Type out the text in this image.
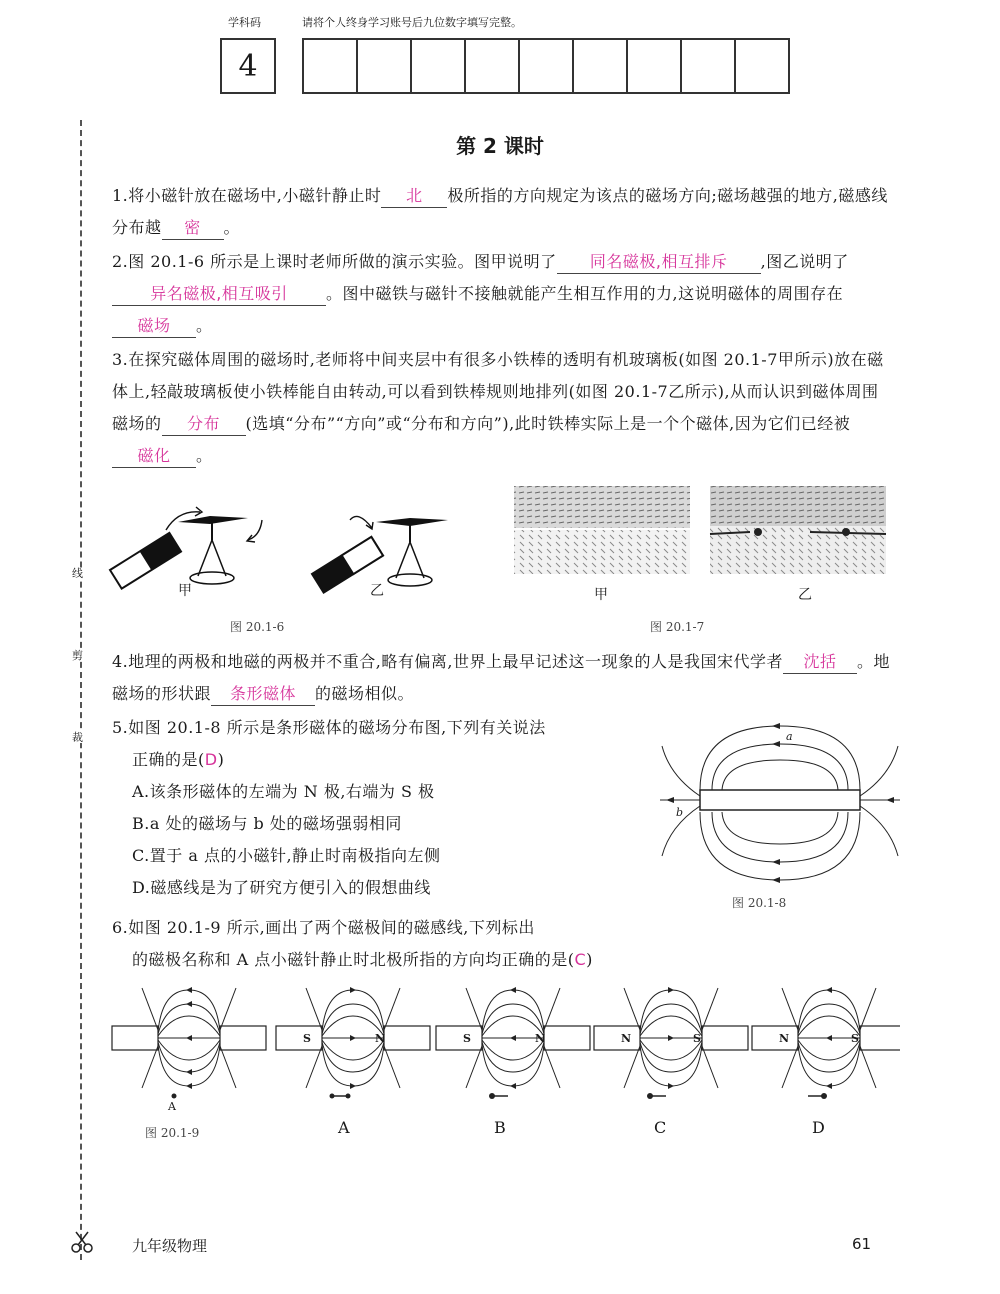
学科码	请将个人终身学习账号后九位数字填写完整。
4
线
剪
裁
第 2 课时
1.将小磁针放在磁场中,小磁针静止时 北 极所指的方向规定为该点的磁场方向;磁场越强的地方,磁感线分布越 密 。
2.图 20.1-6 所示是上课时老师所做的演示实验。图甲说明了 同名磁极,相互排斥 ,图乙说明了异名磁极,相互吸引 。图中磁铁与磁针不接触就能产生相互作用的力,这说明磁体的周围存在磁场 。
3.在探究磁体周围的磁场时,老师将中间夹层中有很多小铁棒的透明有机玻璃板(如图 20.1-7甲所示)放在磁体上,轻敲玻璃板使小铁棒能自由转动,可以看到铁棒规则地排列(如图 20.1-7乙所示),从而认识到磁体周围磁场的 分布 (选填“分布”“方向”或“分布和方向”),此时铁棒实际上是一个个磁体,因为它们已经被磁化 。
甲	乙
图 20.1-6
甲	乙
图 20.1-7
4.地理的两极和地磁的两极并不重合,略有偏离,世界上最早记述这一现象的人是我国宋代学者 沈括 。地磁场的形状跟 条形磁体 的磁场相似。
5.如图 20.1-8 所示是条形磁体的磁场分布图,下列有关说法
正确的是(D)
A.该条形磁体的左端为 N 极,右端为 S 极
B.a 处的磁场与 b 处的磁场强弱相同
C.置于 a 点的小磁针,静止时南极指向左侧
D.磁感线是为了研究方便引入的假想曲线
a
b
图 20.1-8
6.如图 20.1-9 所示,画出了两个磁极间的磁感线,下列标出
的磁极名称和 A 点小磁针静止时北极所指的方向均正确的是(C)
S	N	S	N	N	S	N	S
A
图 20.1-9	A	B	C	D
九年级物理	61
